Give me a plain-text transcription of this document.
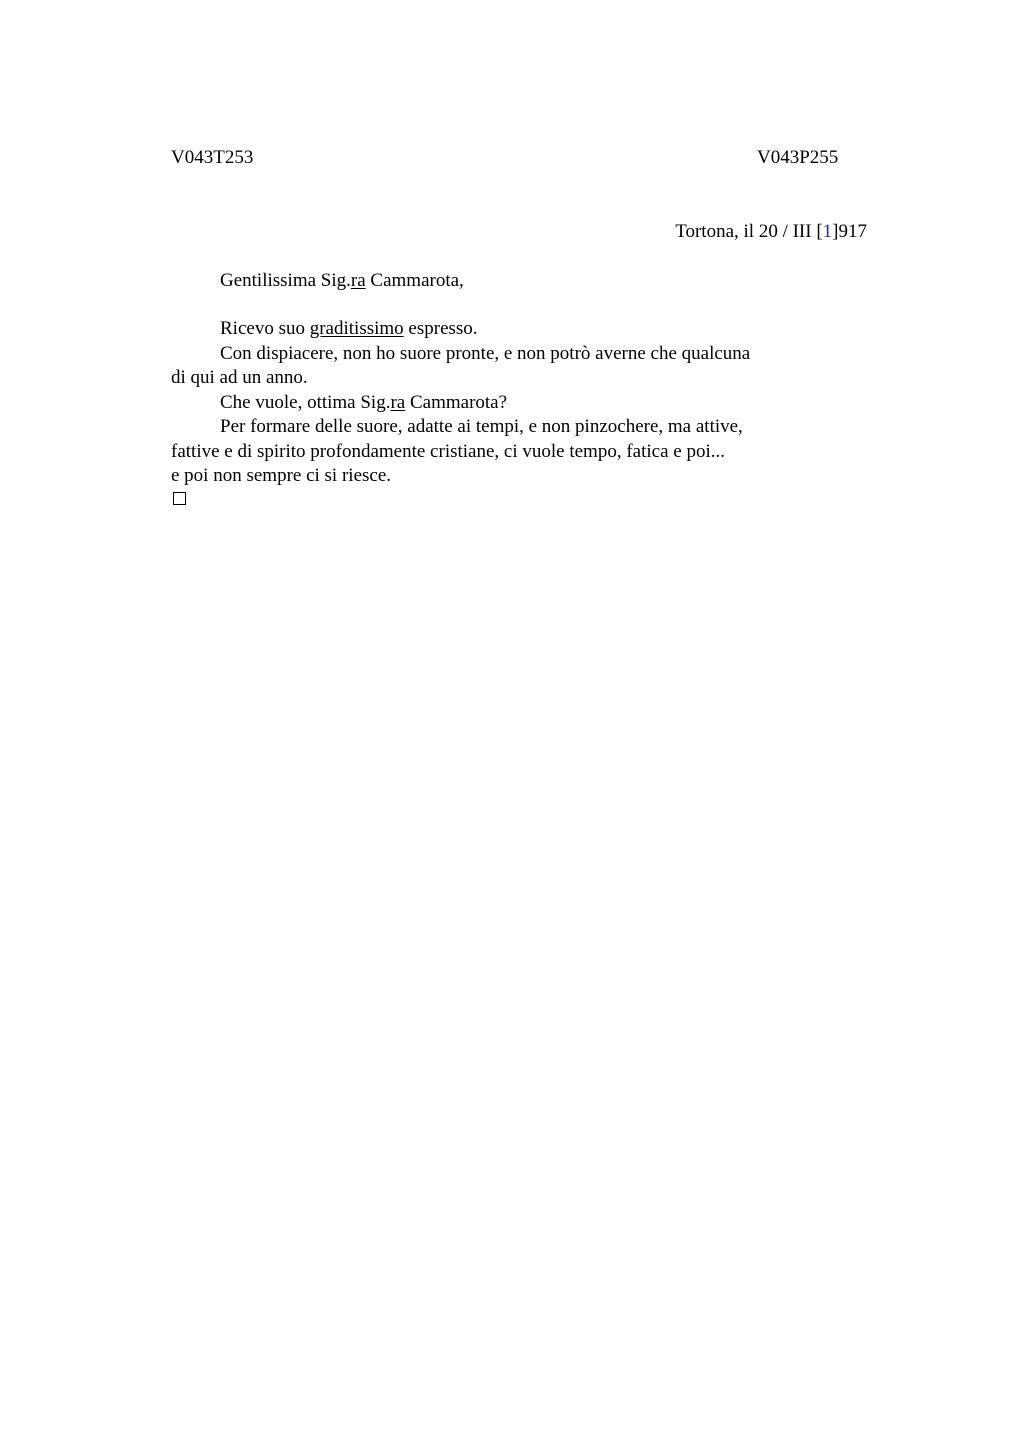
V043T253	V043P255
Tortona, il 20 / III [1]917
Gentilissima Sig.ra Cammarota,
Ricevo suo graditissimo espresso.
Con dispiacere, non ho suore pronte, e non potrò averne che qualcuna
di qui ad un anno.
Che vuole, ottima Sig.ra Cammarota?
Per formare delle suore, adatte ai tempi, e non pinzochere, ma attive,
fattive e di spirito profondamente cristiane, ci vuole tempo, fatica e poi...
e poi non sempre ci si riesce.
